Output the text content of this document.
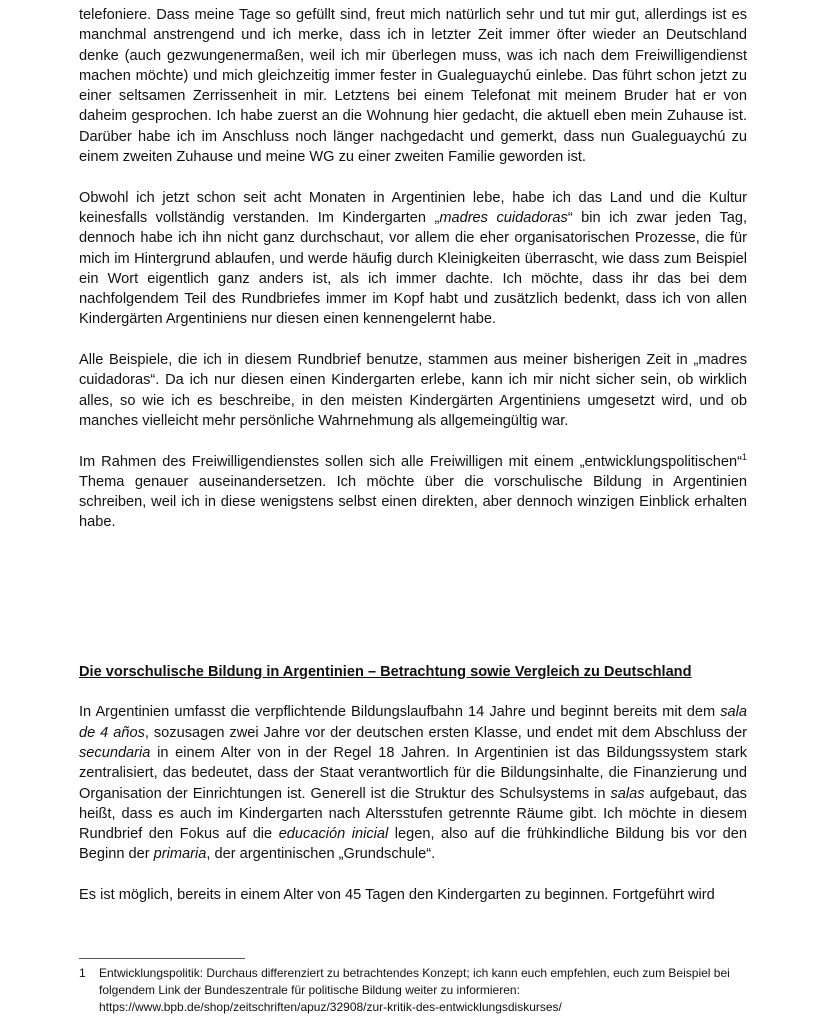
telefoniere. Dass meine Tage so gefüllt sind, freut mich natürlich sehr und tut mir gut, allerdings ist es manchmal anstrengend und ich merke, dass ich in letzter Zeit immer öfter wieder an Deutschland denke (auch gezwungenermaßen, weil ich mir überlegen muss, was ich nach dem Freiwilligendienst machen möchte) und mich gleichzeitig immer fester in Gualeguaychú einlebe. Das führt schon jetzt zu einer seltsamen Zerrissenheit in mir. Letztens bei einem Telefonat mit meinem Bruder hat er von daheim gesprochen. Ich habe zuerst an die Wohnung hier gedacht, die aktuell eben mein Zuhause ist. Darüber habe ich im Anschluss noch länger nachgedacht und gemerkt, dass nun Gualeguaychú zu einem zweiten Zuhause und meine WG zu einer zweiten Familie geworden ist.

Obwohl ich jetzt schon seit acht Monaten in Argentinien lebe, habe ich das Land und die Kultur keinesfalls vollständig verstanden. Im Kindergarten „madres cuidadoras“ bin ich zwar jeden Tag, dennoch habe ich ihn nicht ganz durchschaut, vor allem die eher organisatorischen Prozesse, die für mich im Hintergrund ablaufen, und werde häufig durch Kleinigkeiten überrascht, wie dass zum Beispiel ein Wort eigentlich ganz anders ist, als ich immer dachte. Ich möchte, dass ihr das bei dem nachfolgendem Teil des Rundbriefes immer im Kopf habt und zusätzlich bedenkt, dass ich von allen Kindergärten Argentiniens nur diesen einen kennengelernt habe.

Alle Beispiele, die ich in diesem Rundbrief benutze, stammen aus meiner bisherigen Zeit in „madres cuidadoras“. Da ich nur diesen einen Kindergarten erlebe, kann ich mir nicht sicher sein, ob wirklich alles, so wie ich es beschreibe, in den meisten Kindergärten Argentiniens umgesetzt wird, und ob manches vielleicht mehr persönliche Wahrnehmung als allgemeingültig war.

Im Rahmen des Freiwilligendienstes sollen sich alle Freiwilligen mit einem „entwicklungspolitischen“$^1$ Thema genauer auseinandersetzen. Ich möchte über die vorschulische Bildung in Argentinien schreiben, weil ich in diese wenigstens selbst einen direkten, aber dennoch winzigen Einblick erhalten habe.

Die vorschulische Bildung in Argentinien – Betrachtung sowie Vergleich zu Deutschland

In Argentinien umfasst die verpflichtende Bildungslaufbahn 14 Jahre und beginnt bereits mit dem sala de 4 años, sozusagen zwei Jahre vor der deutschen ersten Klasse, und endet mit dem Abschluss der secundaria in einem Alter von in der Regel 18 Jahren. In Argentinien ist das Bildungssystem stark zentralisiert, das bedeutet, dass der Staat verantwortlich für die Bildungsinhalte, die Finanzierung und Organisation der Einrichtungen ist. Generell ist die Struktur des Schulsystems in salas aufgebaut, das heißt, dass es auch im Kindergarten nach Altersstufen getrennte Räume gibt. Ich möchte in diesem Rundbrief den Fokus auf die educación inicial legen, also auf die frühkindliche Bildung bis vor den Beginn der primaria, der argentinischen „Grundschule“.

Es ist möglich, bereits in einem Alter von 45 Tagen den Kindergarten zu beginnen. Fortgeführt wird

1	Entwicklungspolitik: Durchaus differenziert zu betrachtendes Konzept; ich kann euch empfehlen, euch zum Beispiel bei folgendem Link der Bundeszentrale für politische Bildung weiter zu informieren:
https://www.bpb.de/shop/zeitschriften/apuz/32908/zur-kritik-des-entwicklungsdiskurses/
